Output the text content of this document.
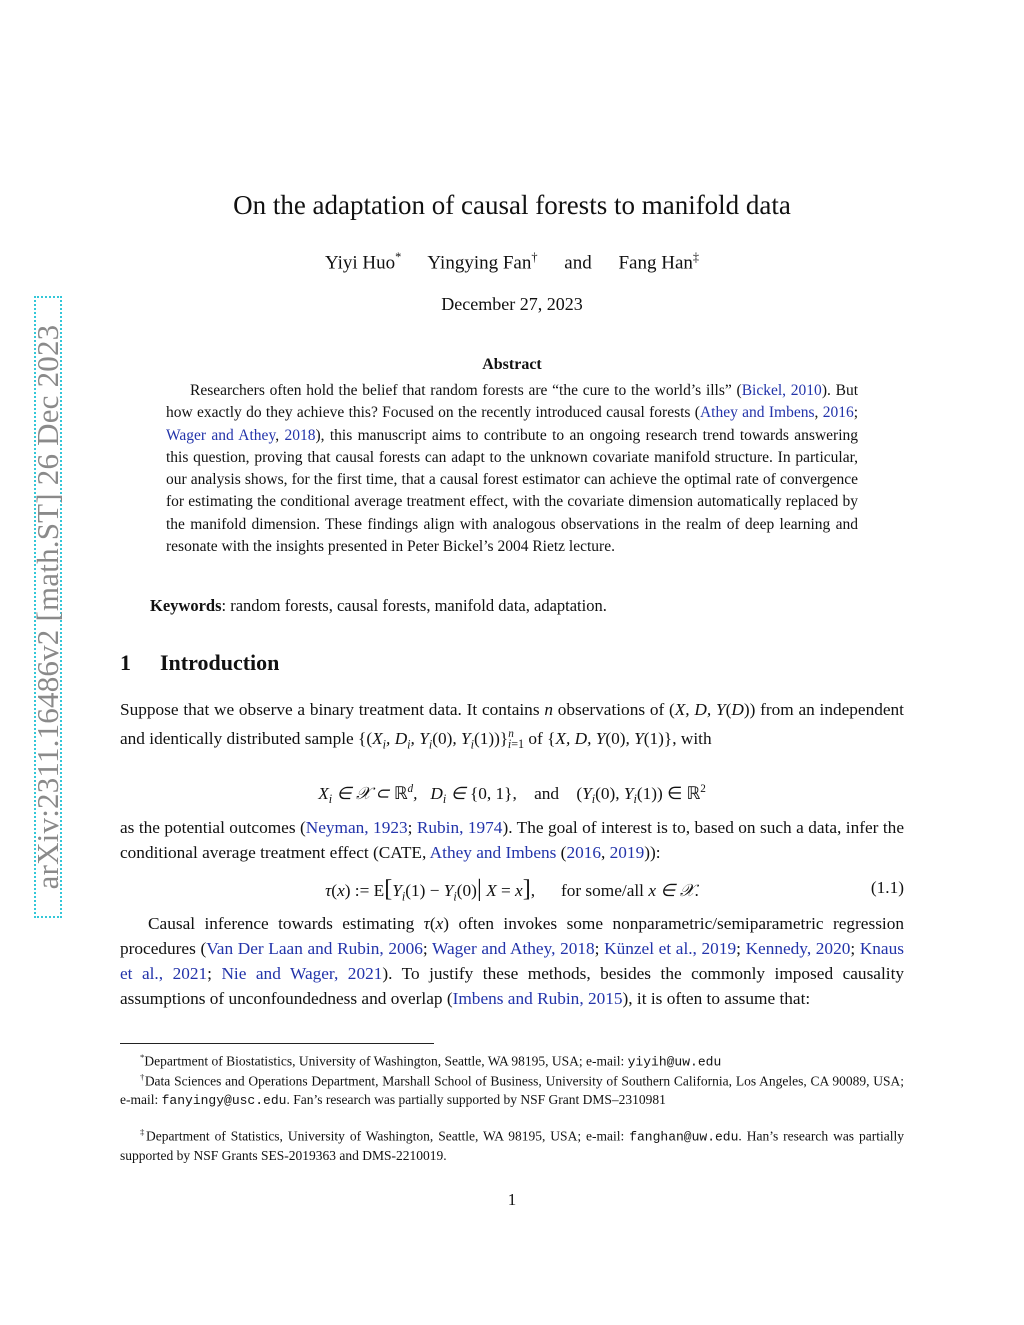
arXiv:2311.16486v2 [math.ST] 26 Dec 2023
On the adaptation of causal forests to manifold data
Yiyi Huo* Yingying Fan† and Fang Han‡
December 27, 2023
Abstract
Researchers often hold the belief that random forests are “the cure to the world’s ills” (Bickel, 2010). But how exactly do they achieve this? Focused on the recently introduced causal forests (Athey and Imbens, 2016; Wager and Athey, 2018), this manuscript aims to contribute to an ongoing research trend towards answering this question, proving that causal forests can adapt to the unknown covariate manifold structure. In particular, our analysis shows, for the first time, that a causal forest estimator can achieve the optimal rate of convergence for estimating the conditional average treatment effect, with the covariate dimension automatically replaced by the manifold dimension. These findings align with analogous observations in the realm of deep learning and resonate with the insights presented in Peter Bickel’s 2004 Rietz lecture.
Keywords: random forests, causal forests, manifold data, adaptation.
1 Introduction
Suppose that we observe a binary treatment data. It contains n observations of (X, D, Y(D)) from an independent and identically distributed sample {($X_i$, $D_i$, $Y_i(0)$, $Y_i(1))\}^n_{i=1}$ of {X, D, Y(0), Y(1)}, with
$X_i$ ∈ 𝒳 ⊂ ℝ$^d$,   $D_i$ ∈ {0, 1},    and    ($Y_i(0)$, $Y_i(1)$) ∈ ℝ$^2$
as the potential outcomes (Neyman, 1923; Rubin, 1974). The goal of interest is to, based on such a data, infer the conditional average treatment effect (CATE, Athey and Imbens (2016, 2019)):
τ(x) := $E[Y_i(1) - Y_i(0)|$ X = x],      for some/all x ∈ 𝒳.	(1.1)
Causal inference towards estimating τ(x) often invokes some nonparametric/semiparametric regression procedures (Van Der Laan and Rubin, 2006; Wager and Athey, 2018; Künzel et al., 2019; Kennedy, 2020; Knaus et al., 2021; Nie and Wager, 2021). To justify these methods, besides the commonly imposed causality assumptions of unconfoundedness and overlap (Imbens and Rubin, 2015), it is often to assume that:
*Department of Biostatistics, University of Washington, Seattle, WA 98195, USA; e-mail: yiyih@uw.edu
†Data Sciences and Operations Department, Marshall School of Business, University of Southern California, Los Angeles, CA 90089, USA; e-mail: fanyingy@usc.edu. Fan’s research was partially supported by NSF Grant DMS–2310981
‡Department of Statistics, University of Washington, Seattle, WA 98195, USA; e-mail: fanghan@uw.edu. Han’s research was partially supported by NSF Grants SES-2019363 and DMS-2210019.
1
